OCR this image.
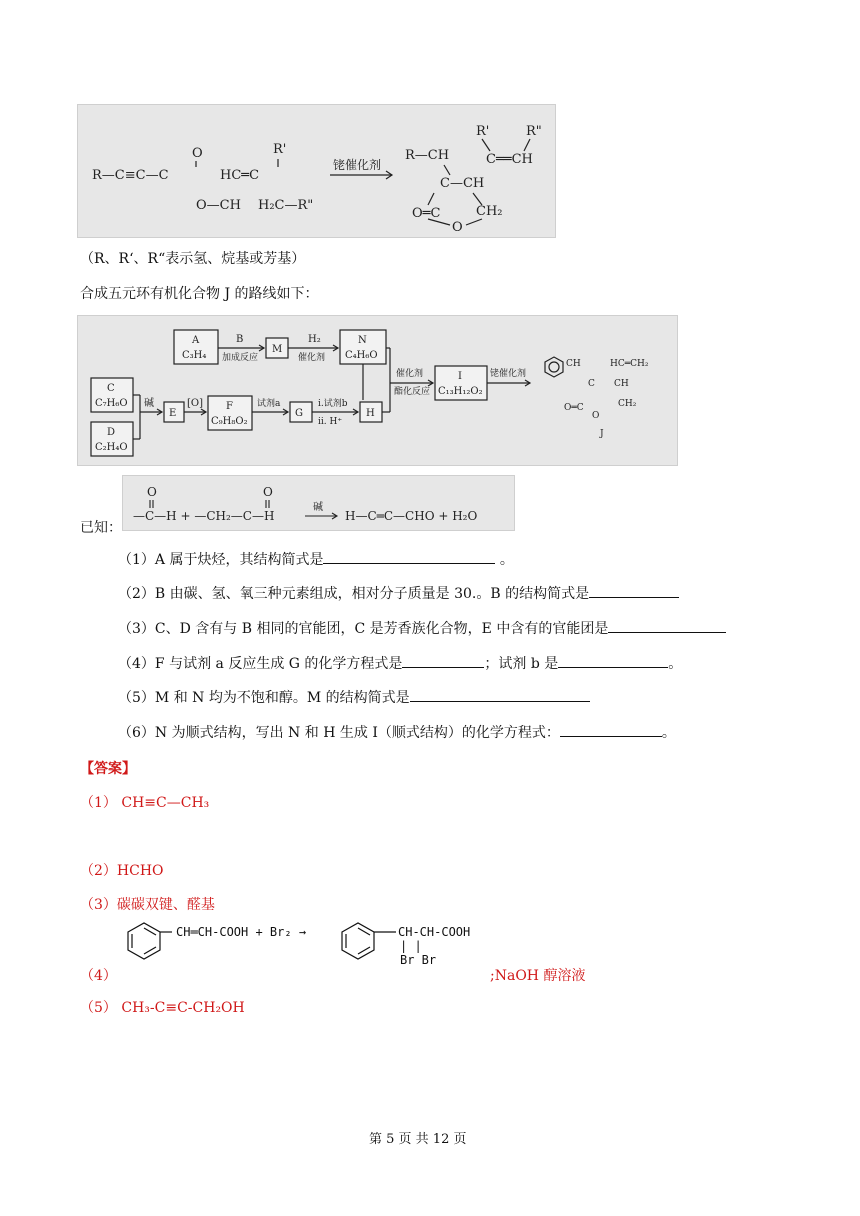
R—C≡C—C
O
O—CH
HC═C
R'
H₂C—R"
铑催化剂
R—CH
R'	R"
C══CH
C—CH
O═C	CH₂
O
（R、R‘、R“表示氢、烷基或芳基）
合成五元环有机化合物 J 的路线如下：
A
C₃H₄
B
加成反应
M
H₂
催化剂
N
C₄H₆O
C
C₇H₆O
D
C₂H₄O
碱
E
[O] F
C₉H₈O₂
试剂a
G
i.试剂b
ii. H⁺
H
催化剂
酯化反应
I
C₁₃H₁₂O₂
铑催化剂
CH	HC═CH₂
C CH
O═C
O
CH₂
J
已知：
O	O
—C—H + —CH₂—C—H
碱
H—C═C—CHO + H₂O
（1）A 属于炔烃，其结构简式是	。
（2）B 由碳、氢、氧三种元素组成，相对分子质量是 30.。B 的结构简式是
（3）C、D 含有与 B 相同的官能团，C 是芳香族化合物，E 中含有的官能团是
（4）F 与试剂 a 反应生成 G 的化学方程式是	；试剂 b 是	。
（5）M 和 N 均为不饱和醇。M 的结构简式是
（6）N 为顺式结构，写出 N 和 H 生成 I（顺式结构）的化学方程式：	。
【答案】
（1） CH≡C—CH₃
（2）HCHO
（3）碳碳双键、醛基
（4）
CH═CH-COOH + Br₂ →	CH-CH-COOH
| |
Br Br
;NaOH 醇溶液
（5） CH₃-C≡C-CH₂OH
第 5 页 共 12 页
